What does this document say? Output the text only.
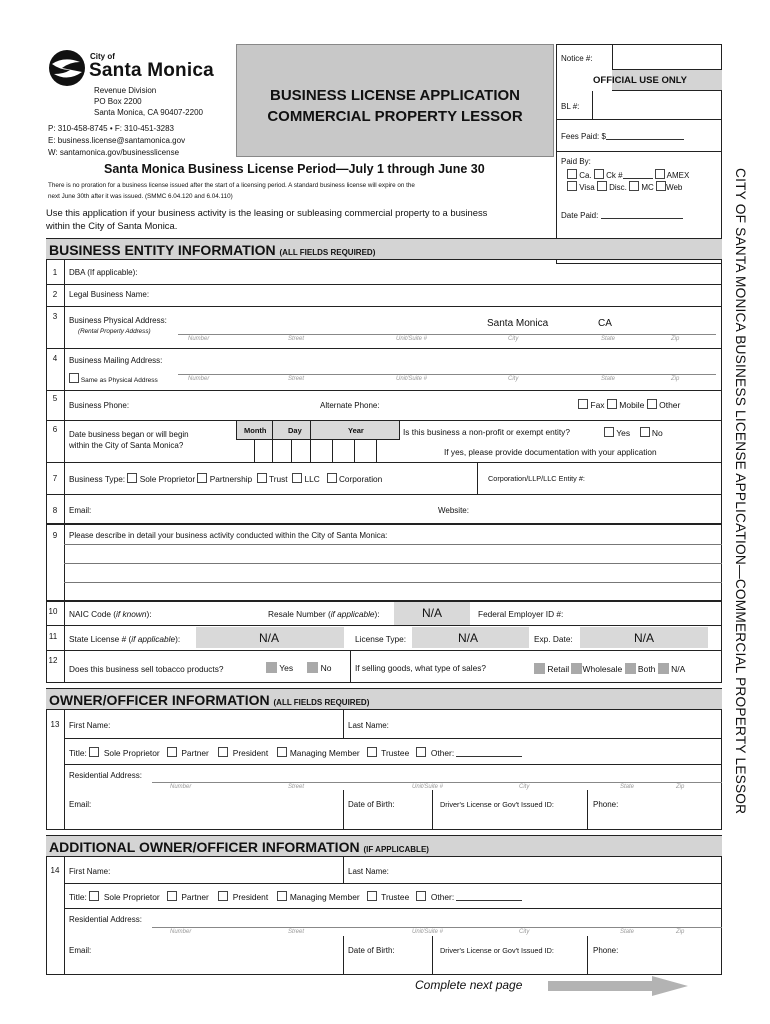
City of
Santa Monica
Revenue Division
PO Box 2200
Santa Monica, CA 90407-2200
P: 310-458-8745 • F: 310-451-3283
E: business.license@santamonica.gov
W: santamonica.gov/businesslicense
BUSINESS LICENSE APPLICATION
COMMERCIAL PROPERTY LESSOR
Notice #:
OFFICIAL USE ONLY
BL #:
Fees Paid: $
Paid By:
Ca. Ck #	AMEX
Visa Disc. MC Web
Date Paid:
Santa Monica Business License Period—July 1 through June 30
There is no proration for a business license issued after the start of a licensing period. A standard business license will expire on the
next June 30th after it was issued. (SMMC 6.04.120 and 6.04.110)
Use this application if your business activity is the leasing or subleasing commercial property to a business
within the City of Santa Monica.	CITY OF SANTA MONICA BUSINESS LICENSE APPLICATION—COMMERCIAL PROPERTY LESSOR
BUSINESS ENTITY INFORMATION (ALL FIELDS REQUIRED)
1	DBA (If applicable):
2	Legal Business Name:
3	Business Physical Address:
(Rental Property Address)
Santa Monica	CA
Number	Street	Unit/Suite #	City	State	Zip
4	Business Mailing Address:
Same as Physical Address	Number	Street	Unit/Suite #	City	State	Zip
5
Business Phone:	Alternate Phone:	Fax Mobile Other
6
Date business began or will begin
within the City of Santa Monica?
Month	Day	Year	Is this business a non-profit or exempt entity?	Yes	No
If yes, please provide documentation with your application
7	Business Type: Sole Proprietor Partnership Trust LLC Corporation	Corporation/LLP/LLC Entity #:
8	Email:	Website:
9	Please describe in detail your business activity conducted within the City of Santa Monica:
10	NAIC Code (if known):	Resale Number (if applicable):	N/A	Federal Employer ID #:
11	State License # (if applicable):	N/A	License Type:	N/A	Exp. Date:	N/A
12
Does this business sell tobacco products?	Yes	No	If selling goods, what type of sales?	Retail Wholesale Both N/A
OWNER/OFFICER INFORMATION (ALL FIELDS REQUIRED)
13	First Name:	Last Name:
Title: Sole Proprietor	Partner	President	Managing Member	Trustee	Other:
Residential Address:
Number	Street	Unit/Suite #	City	State	Zip
Email:	Date of Birth:	Driver's License or Gov't Issued ID:	Phone:
ADDITIONAL OWNER/OFFICER INFORMATION (IF APPLICABLE)
14	First Name:	Last Name:
Title: Sole Proprietor	Partner	President	Managing Member	Trustee	Other:
Residential Address:
Number	Street	Unit/Suite #	City	State	Zip
Email:	Date of Birth:	Driver's License or Gov't Issued ID:	Phone:
Complete next page
